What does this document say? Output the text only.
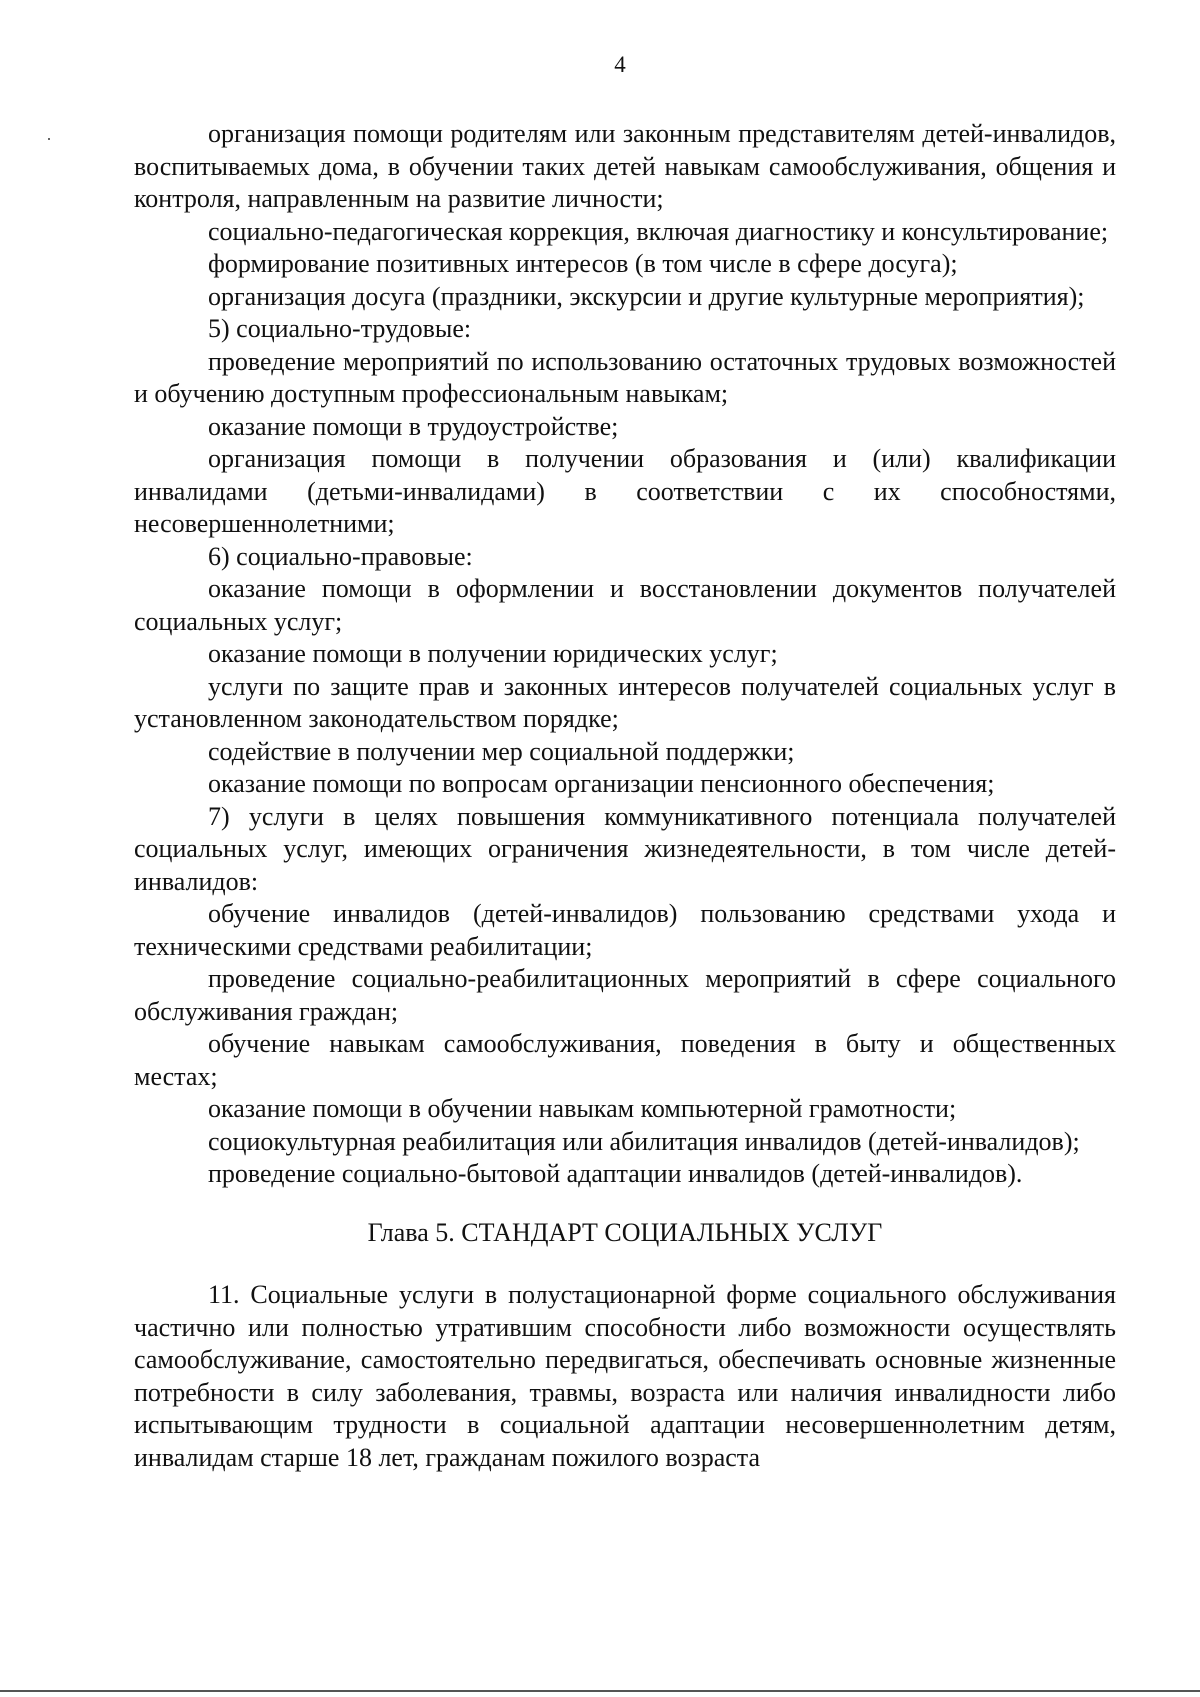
4

организация помощи родителям или законным представителям детей-инвалидов, воспитываемых дома, в обучении таких детей навыкам самообслуживания, общения и контроля, направленным на развитие личности;

социально-педагогическая коррекция, включая диагностику и консультирование;

формирование позитивных интересов (в том числе в сфере досуга);

организация досуга (праздники, экскурсии и другие культурные мероприятия);

5) социально-трудовые:

проведение мероприятий по использованию остаточных трудовых возможностей и обучению доступным профессиональным навыкам;

оказание помощи в трудоустройстве;

организация помощи в получении образования и (или) квалификации инвалидами (детьми-инвалидами) в соответствии с их способностями, несовершеннолетними;

6) социально-правовые:

оказание помощи в оформлении и восстановлении документов получателей социальных услуг;

оказание помощи в получении юридических услуг;

услуги по защите прав и законных интересов получателей социальных услуг в установленном законодательством порядке;

содействие в получении мер социальной поддержки;

оказание помощи по вопросам организации пенсионного обеспечения;

7) услуги в целях повышения коммуникативного потенциала получателей социальных услуг, имеющих ограничения жизнедеятельности, в том числе детей-инвалидов:

обучение инвалидов (детей-инвалидов) пользованию средствами ухода и техническими средствами реабилитации;

проведение социально-реабилитационных мероприятий в сфере социального обслуживания граждан;

обучение навыкам самообслуживания, поведения в быту и общественных местах;

оказание помощи в обучении навыкам компьютерной грамотности;

социокультурная реабилитация или абилитация инвалидов (детей-инвалидов);

проведение социально-бытовой адаптации инвалидов (детей-инвалидов).

Глава 5. СТАНДАРТ СОЦИАЛЬНЫХ УСЛУГ

11. Социальные услуги в полустационарной форме социального обслуживания частично или полностью утратившим способности либо возможности осуществлять самообслуживание, самостоятельно передвигаться, обеспечивать основные жизненные потребности в силу заболевания, травмы, возраста или наличия инвалидности либо испытывающим трудности в социальной адаптации несовершеннолетним детям, инвалидам старше 18 лет, гражданам пожилого возраста
